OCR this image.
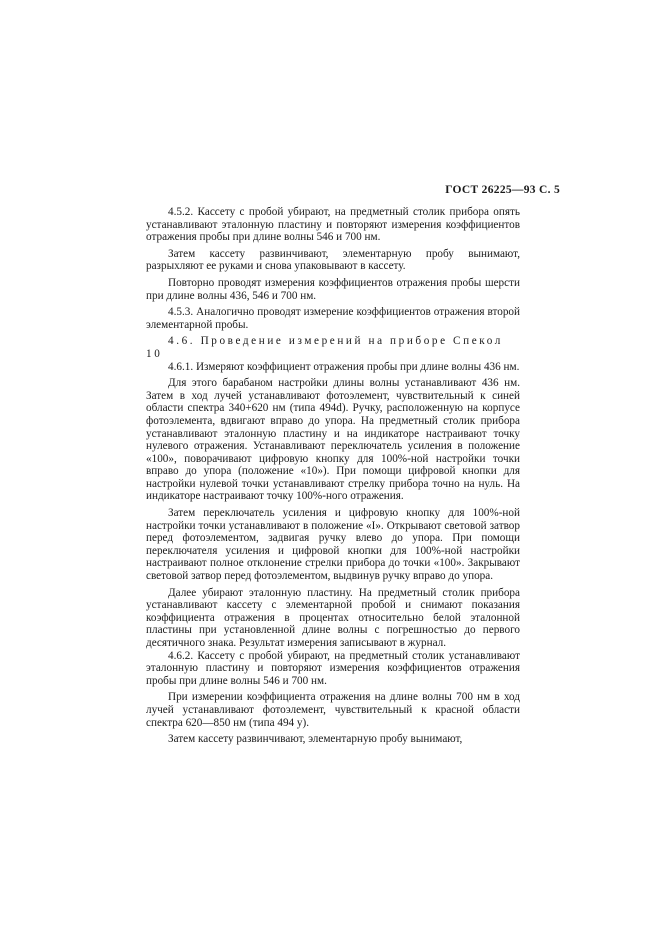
ГОСТ 26225—93 С. 5

4.5.2. Кассету с пробой убирают, на предметный столик прибора опять устанавливают эталонную пластину и повторяют измерения коэффициентов отражения пробы при длине волны 546 и 700 нм.

Затем кассету развинчивают, элементарную пробу вынимают, разрыхляют ее руками и снова упаковывают в кассету.

Повторно проводят измерения коэффициентов отражения пробы шерсти при длине волны 436, 546 и 700 нм.

4.5.3. Аналогично проводят измерение коэффициентов отражения второй элементарной пробы.

4.6. Проведение измерений на приборе Спекол 10

4.6.1. Измеряют коэффициент отражения пробы при длине волны 436 нм.

Для этого барабаном настройки длины волны устанавливают 436 нм. Затем в ход лучей устанавливают фотоэлемент, чувствительный к синей области спектра 340+620 нм (типа 494d). Ручку, расположенную на корпусе фотоэлемента, вдвигают вправо до упора. На предметный столик прибора устанавливают эталонную пластину и на индикаторе настраивают точку нулевого отражения. Устанавливают переключатель усиления в положение «100», поворачивают цифровую кнопку для 100%-ной настройки точки вправо до упора (положение «10»). При помощи цифровой кнопки для настройки нулевой точки устанавливают стрелку прибора точно на нуль. На индикаторе настраивают точку 100%-ного отражения.

Затем переключатель усиления и цифровую кнопку для 100%-ной настройки точки устанавливают в положение «I». Открывают световой затвор перед фотоэлементом, задвигая ручку влево до упора. При помощи переключателя усиления и цифровой кнопки для 100%-ной настройки настраивают полное отклонение стрелки прибора до точки «100». Закрывают световой затвор перед фотоэлементом, выдвинув ручку вправо до упора.

Далее убирают эталонную пластину. На предметный столик прибора устанавливают кассету с элементарной пробой и снимают показания коэффициента отражения в процентах относительно белой эталонной пластины при установленной длине волны с погрешностью до первого десятичного знака. Результат измерения записывают в журнал.

4.6.2. Кассету с пробой убирают, на предметный столик устанавливают эталонную пластину и повторяют измерения коэффициентов отражения пробы при длине волны 546 и 700 нм.

При измерении коэффициента отражения на длине волны 700 нм в ход лучей устанавливают фотоэлемент, чувствительный к красной области спектра 620—850 нм (типа 494 у).

Затем кассету развинчивают, элементарную пробу вынимают,
